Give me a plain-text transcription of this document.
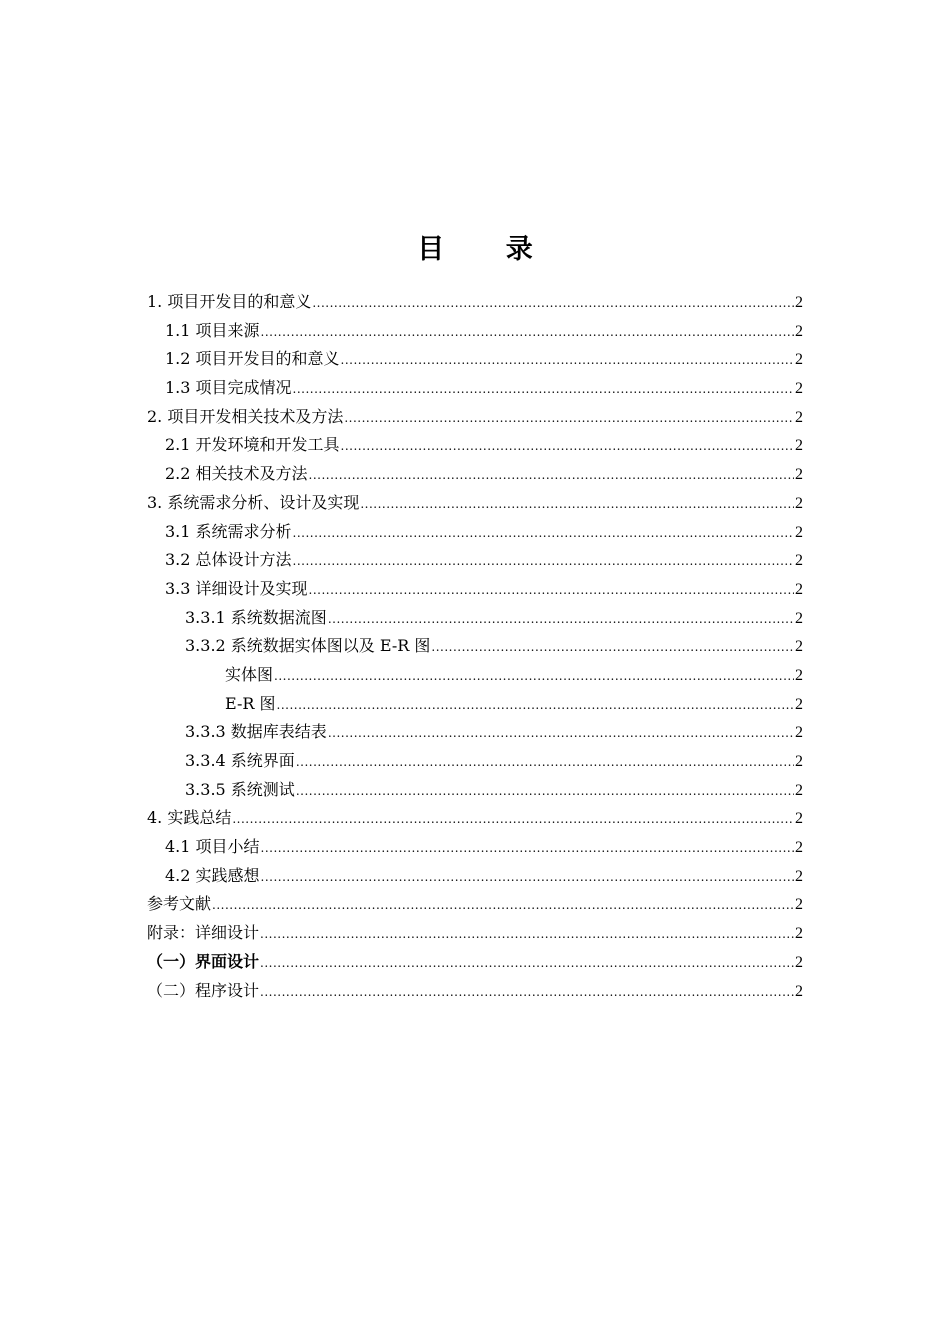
目 录
1. 项目开发目的和意义 .....	2
1.1 项目来源 .....	2
1.2 项目开发目的和意义 .....	2
1.3 项目完成情况 .....	2
2. 项目开发相关技术及方法 .....	2
2.1 开发环境和开发工具 .....	2
2.2 相关技术及方法 .....	2
3. 系统需求分析、设计及实现 .....	2
3.1 系统需求分析 .....	2
3.2 总体设计方法 .....	2
3.3 详细设计及实现 .....	2
3.3.1 系统数据流图 .....	2
3.3.2 系统数据实体图以及 E-R 图 .....	2
实体图 .....	2
E-R 图 .....	2
3.3.3 数据库表结表 .....	2
3.3.4 系统界面 .....	2
3.3.5 系统测试 .....	2
4. 实践总结 .....	2
4.1 项目小结 .....	2
4.2 实践感想 .....	2
参考文献 .....	2
附录：详细设计 .....	2
（一）界面设计 .....	2
（二）程序设计 .....	2
